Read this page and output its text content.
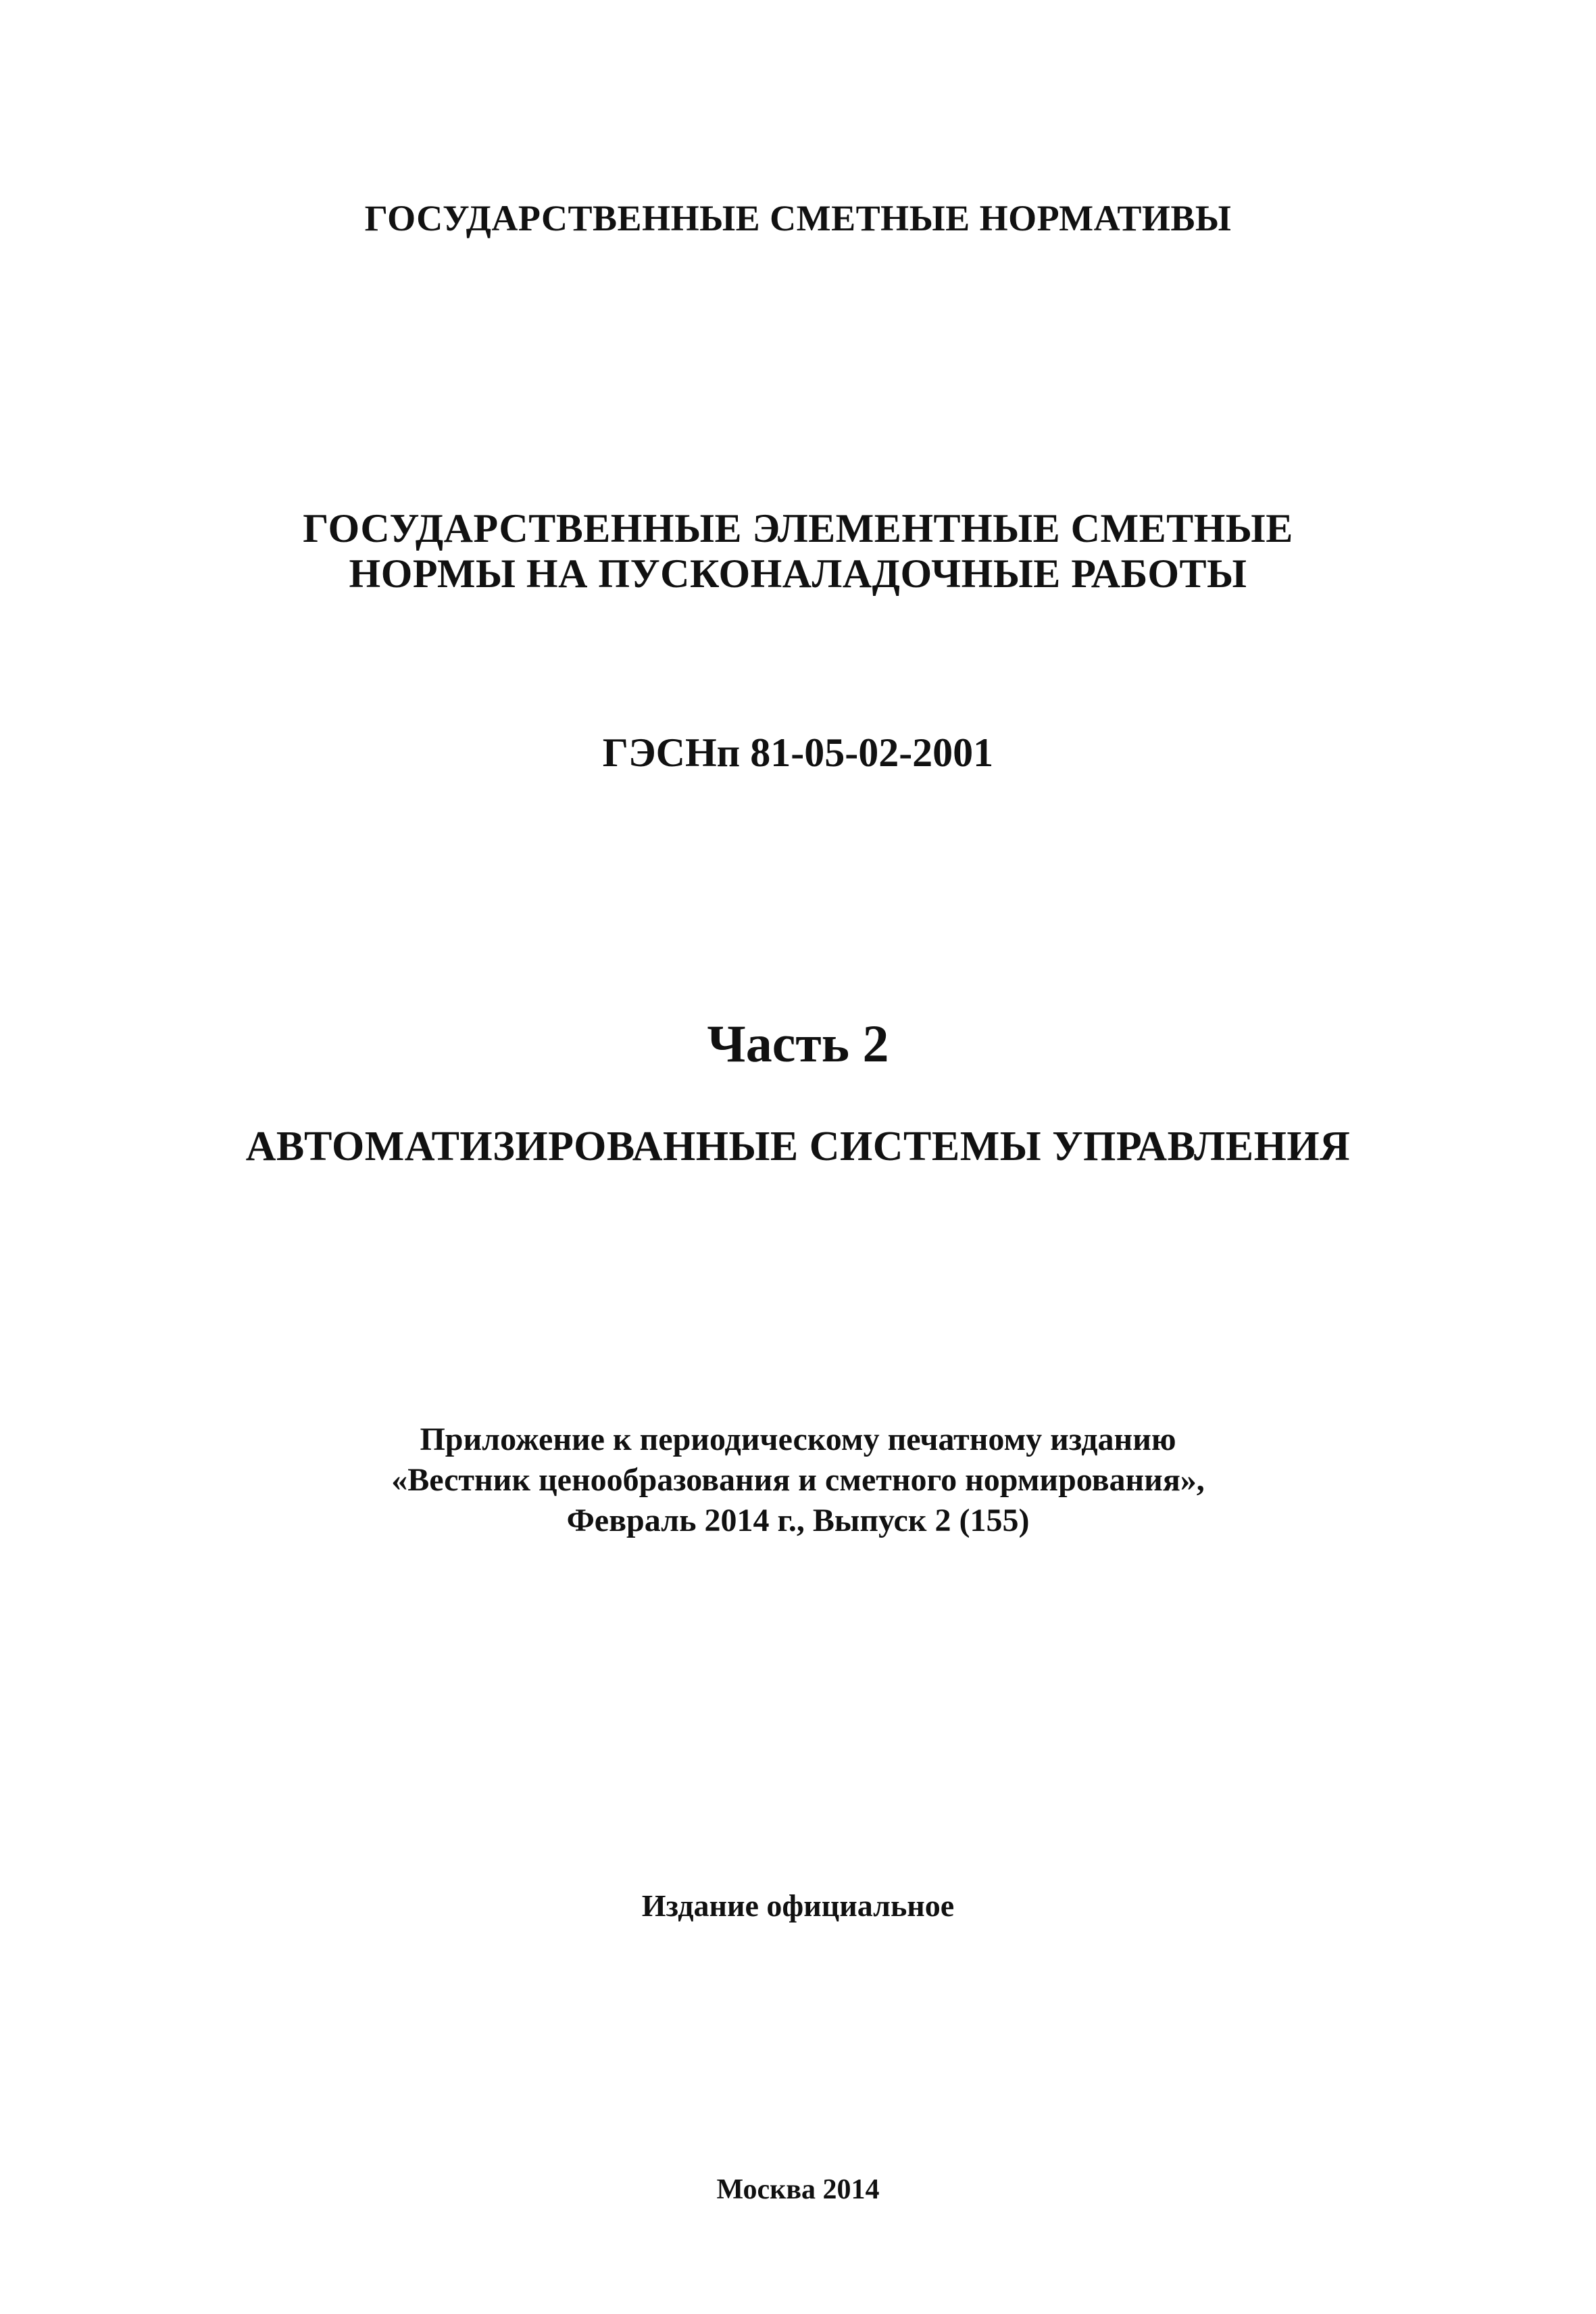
ГОСУДАРСТВЕННЫЕ СМЕТНЫЕ НОРМАТИВЫ
ГОСУДАРСТВЕННЫЕ ЭЛЕМЕНТНЫЕ СМЕТНЫЕ
НОРМЫ НА ПУСКОНАЛАДОЧНЫЕ РАБОТЫ
ГЭСНп 81-05-02-2001
Часть 2
АВТОМАТИЗИРОВАННЫЕ СИСТЕМЫ УПРАВЛЕНИЯ
Приложение к периодическому печатному изданию
«Вестник ценообразования и сметного нормирования»,
Февраль 2014 г., Выпуск 2 (155)
Издание официальное
Москва 2014
